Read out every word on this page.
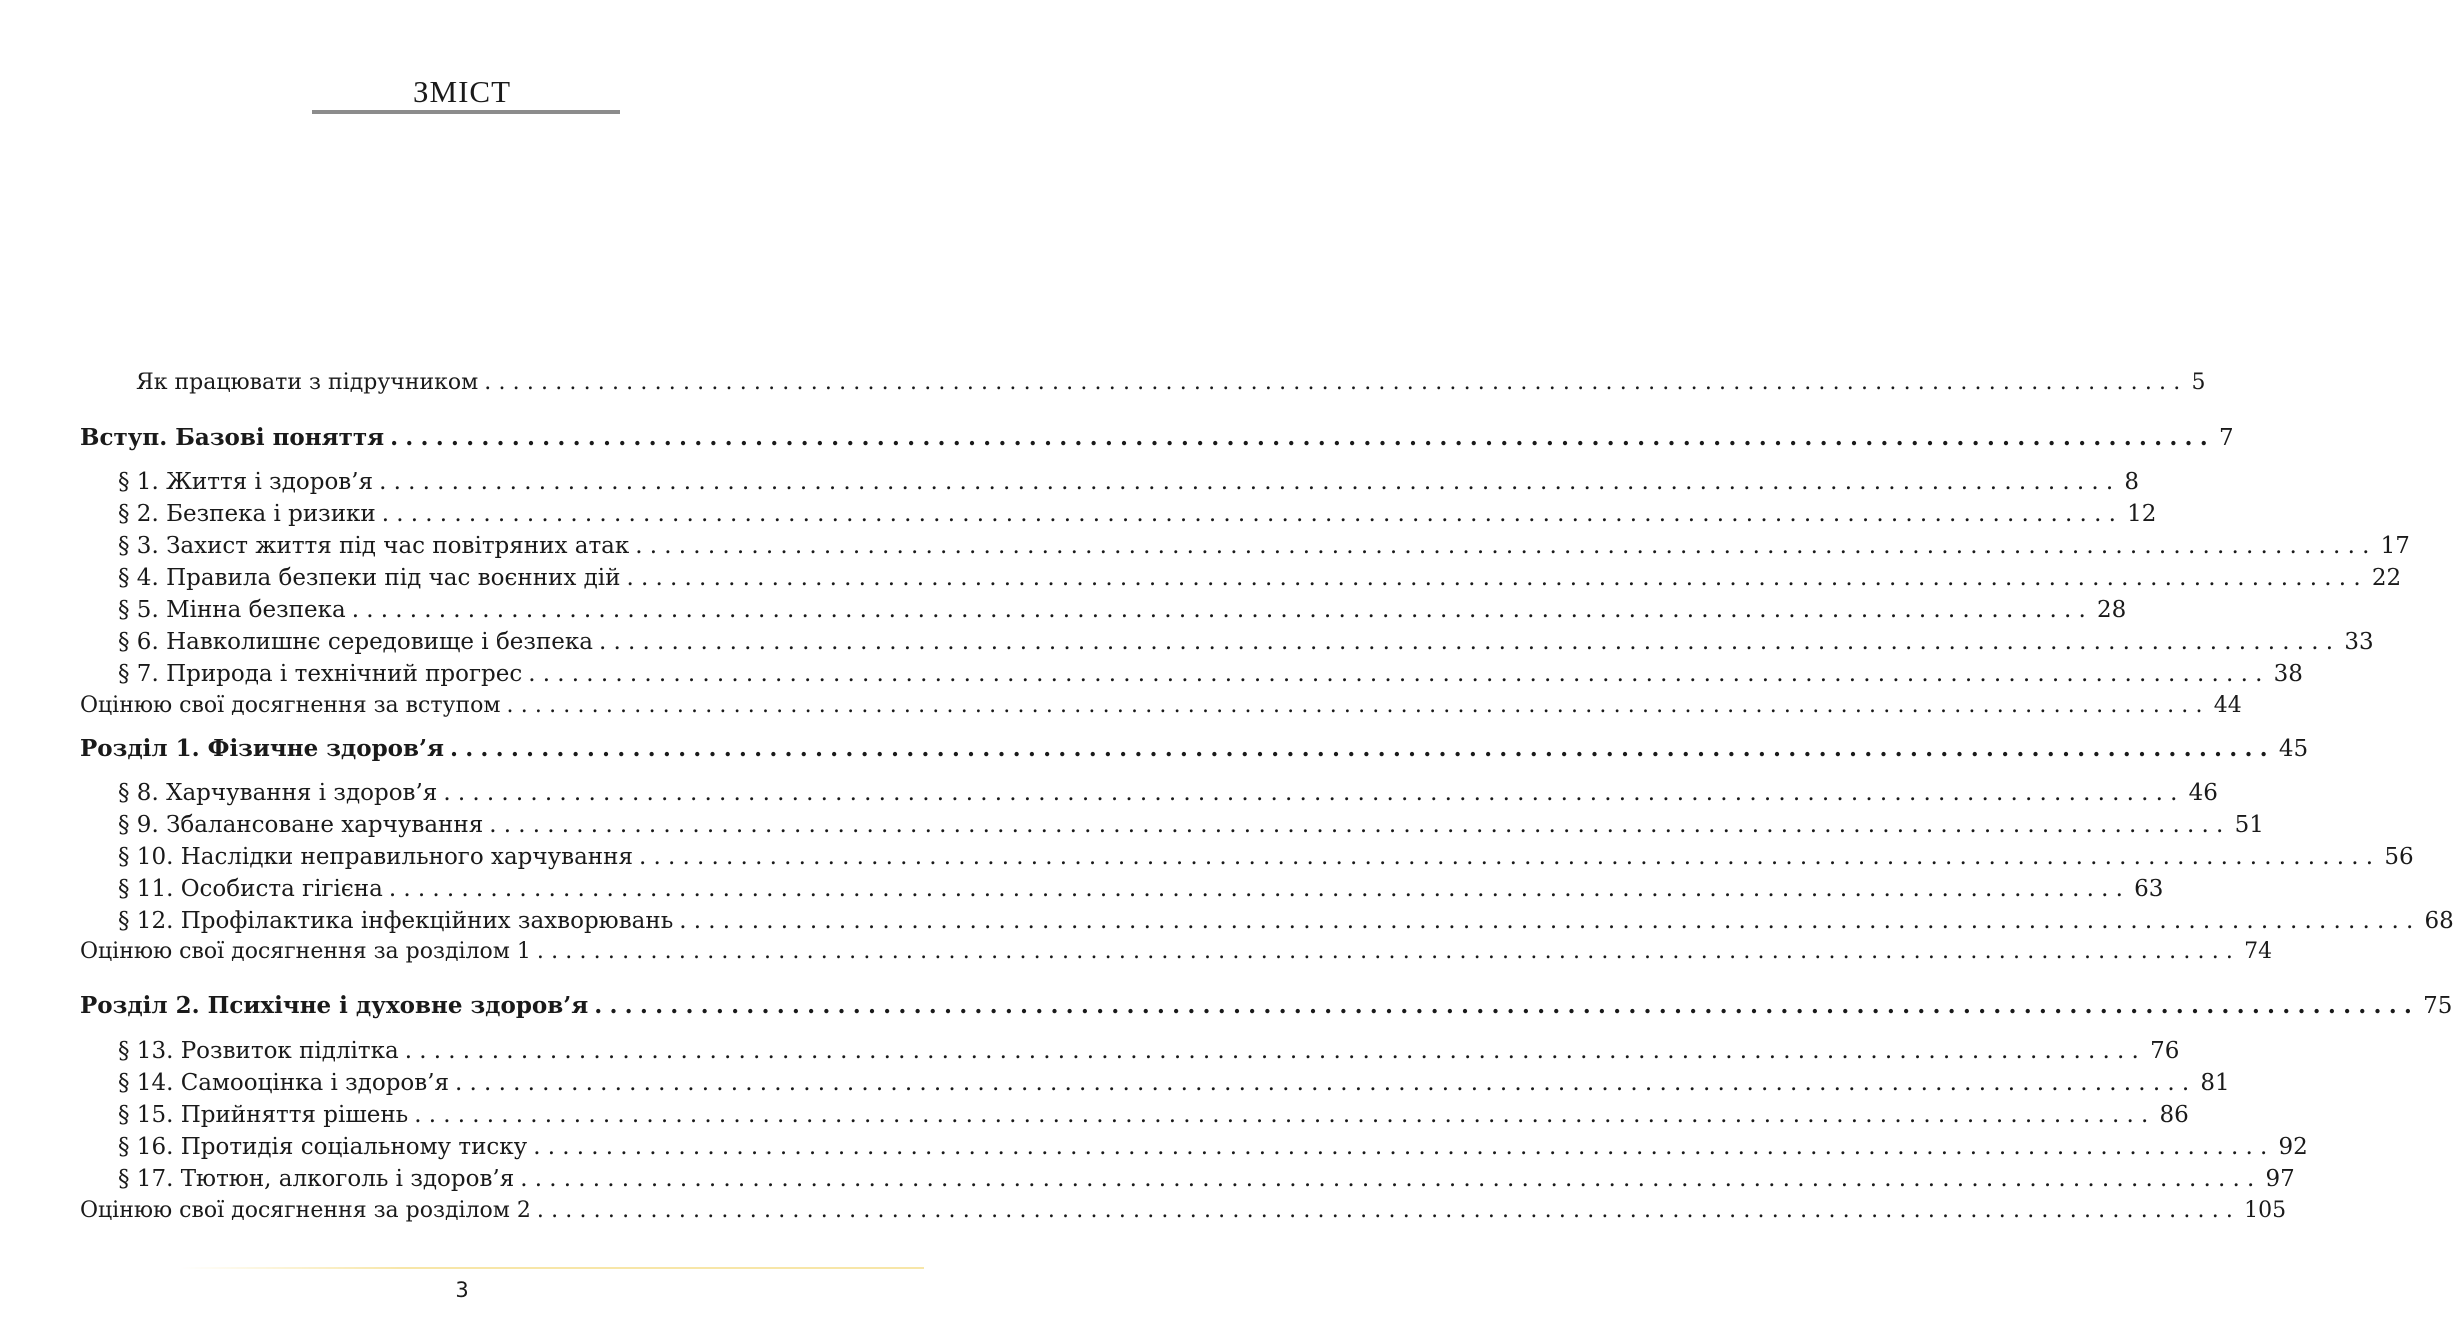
ЗМІСТ
Як працювати з підручником ........................................................................................................................ 5
Вступ. Базові поняття ........................................................................................................................ 7
§ 1. Життя і здоров’я ........................................................................................................................ 8
§ 2. Безпека і ризики ........................................................................................................................ 12
§ 3. Захист життя під час повітряних атак ........................................................................................................................ 17
§ 4. Правила безпеки під час воєнних дій ........................................................................................................................ 22
§ 5. Мінна безпека ........................................................................................................................ 28
§ 6. Навколишнє середовище і безпека ........................................................................................................................ 33
§ 7. Природа і технічний прогрес ........................................................................................................................ 38
Оцінюю свої досягнення за вступом ........................................................................................................................ 44
Розділ 1. Фізичне здоров’я ........................................................................................................................ 45
§ 8. Харчування і здоров’я ........................................................................................................................ 46
§ 9. Збалансоване харчування ........................................................................................................................ 51
§ 10. Наслідки неправильного харчування ........................................................................................................................ 56
§ 11. Особиста гігієна ........................................................................................................................ 63
§ 12. Профілактика інфекційних захворювань ........................................................................................................................ 68
Оцінюю свої досягнення за розділом 1 ........................................................................................................................ 74
Розділ 2. Психічне і духовне здоров’я ........................................................................................................................ 75
§ 13. Розвиток підлітка ........................................................................................................................ 76
§ 14. Самооцінка і здоров’я ........................................................................................................................ 81
§ 15. Прийняття рішень ........................................................................................................................ 86
§ 16. Протидія соціальному тиску ........................................................................................................................ 92
§ 17. Тютюн, алкоголь і здоров’я ........................................................................................................................ 97
Оцінюю свої досягнення за розділом 2 ........................................................................................................................ 105
3
